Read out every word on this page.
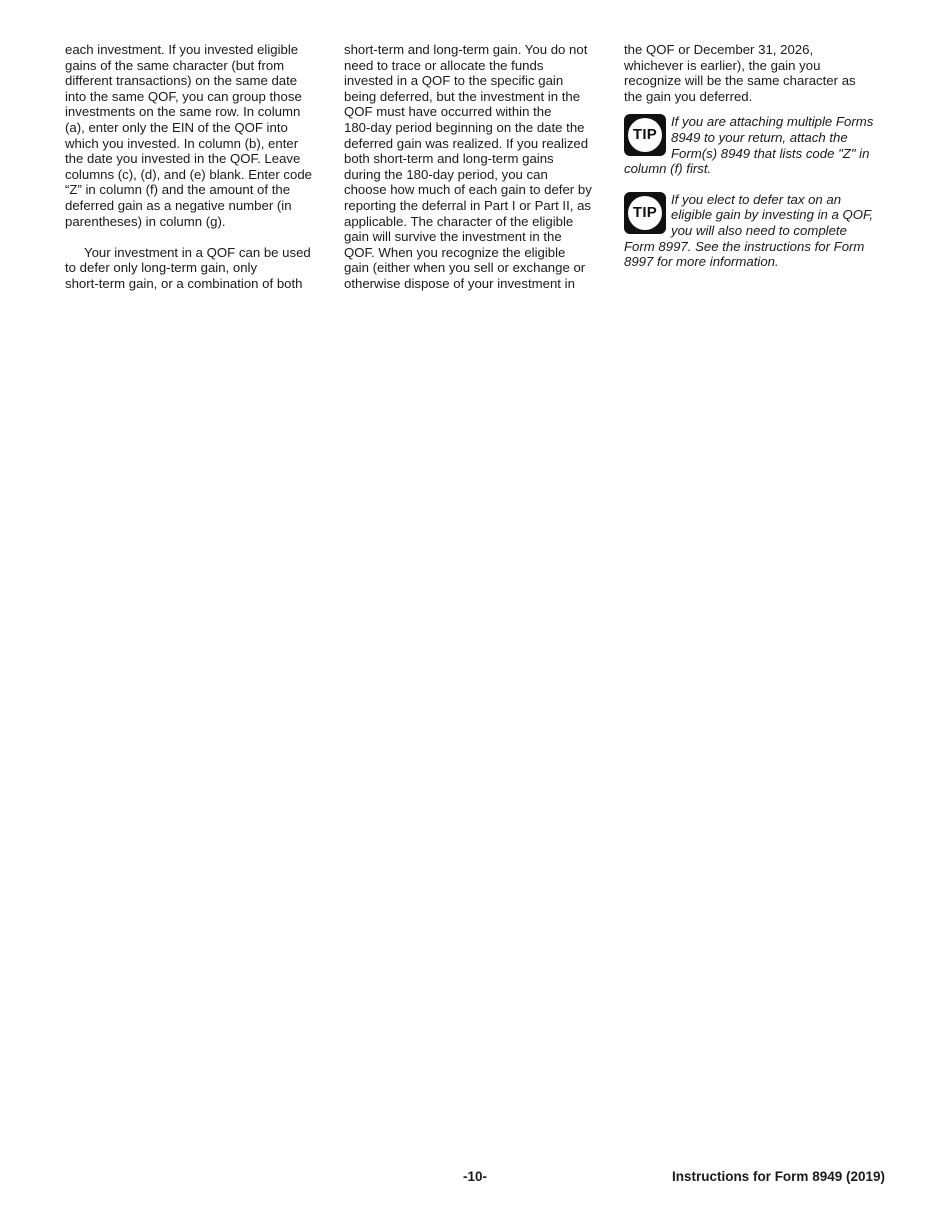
each investment. If you invested eligible
gains of the same character (but from
different transactions) on the same date
into the same QOF, you can group those
investments on the same row. In column
(a), enter only the EIN of the QOF into
which you invested. In column (b), enter
the date you invested in the QOF. Leave
columns (c), (d), and (e) blank. Enter code
“Z” in column (f) and the amount of the
deferred gain as a negative number (in
parentheses) in column (g).
Your investment in a QOF can be used
to defer only long-term gain, only
short-term gain, or a combination of both
short-term and long-term gain. You do not
need to trace or allocate the funds
invested in a QOF to the specific gain
being deferred, but the investment in the
QOF must have occurred within the
180-day period beginning on the date the
deferred gain was realized. If you realized
both short-term and long-term gains
during the 180-day period, you can
choose how much of each gain to defer by
reporting the deferral in Part I or Part II, as
applicable. The character of the eligible
gain will survive the investment in the
QOF. When you recognize the eligible
gain (either when you sell or exchange or
otherwise dispose of your investment in
the QOF or December 31, 2026,
whichever is earlier), the gain you
recognize will be the same character as
the gain you deferred.
TIP
If you are attaching multiple Forms
8949 to your return, attach the
Form(s) 8949 that lists code "Z" in
column (f) first.
TIP
If you elect to defer tax on an
eligible gain by investing in a QOF,
you will also need to complete
Form 8997. See the instructions for Form
8997 for more information.
-10-	Instructions for Form 8949 (2019)
